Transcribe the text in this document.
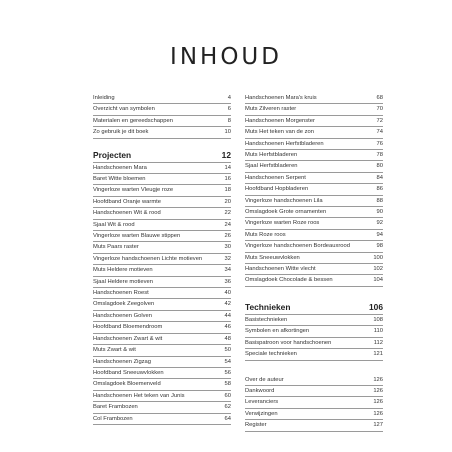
INHOUD
Inleiding	4
Overzicht van symbolen	6
Materialen en gereedschappen	8
Zo gebruik je dit boek	10
Projecten	12
Handschoenen Mara	14
Baret Witte bloemen	16
Vingerloze warten Vleugje roze	18
Hoofdband Oranje warmte	20
Handschoenen Wit & rood	22
Sjaal Wit & rood	24
Vingerloze warten Blauwe stippen	26
Muts Paars raster	30
Vingerloze handschoenen Lichte motieven	32
Muts Heldere motieven	34
Sjaal Heldere motieven	36
Handschoenen Roest	40
Omslagdoek Zeegolven	42
Handschoenen Golven	44
Hoofdband Bloemendroom	46
Handschoenen Zwart & wit	48
Muts Zwart & wit	50
Handschoenen Zigzag	54
Hoofdband Sneeuwvlokken	56
Omslagdoek Bloemenveld	58
Handschoenen Het teken van Junis	60
Baret Frambozen	62
Col Frambozen	64
Handschoenen Mara's kruis	68
Muts Zilveren raster	70
Handschoenen Morgenster	72
Muts Het teken van de zon	74
Handschoenen Herfstbladeren	76
Muts Herfstbladeren	78
Sjaal Herfstbladeren	80
Handschoenen Serpent	84
Hoofdband Hopbladeren	86
Vingerloze handschoenen Lila	88
Omslagdoek Grote ornamenten	90
Vingerloze warten Roze roos	92
Muts Roze roos	94
Vingerloze handschoenen Bordeauxrood	98
Muts Sneeuwvlokken	100
Handschoenen Witte vlecht	102
Omslagdoek Chocolade & bessen	104
Technieken	106
Basistechnieken	108
Symbolen en afkortingen	110
Basispatroon voor handschoenen	112
Speciale technieken	121
Over de auteur	126
Dankwoord	126
Leveranciers	126
Verwijzingen	126
Register	127
